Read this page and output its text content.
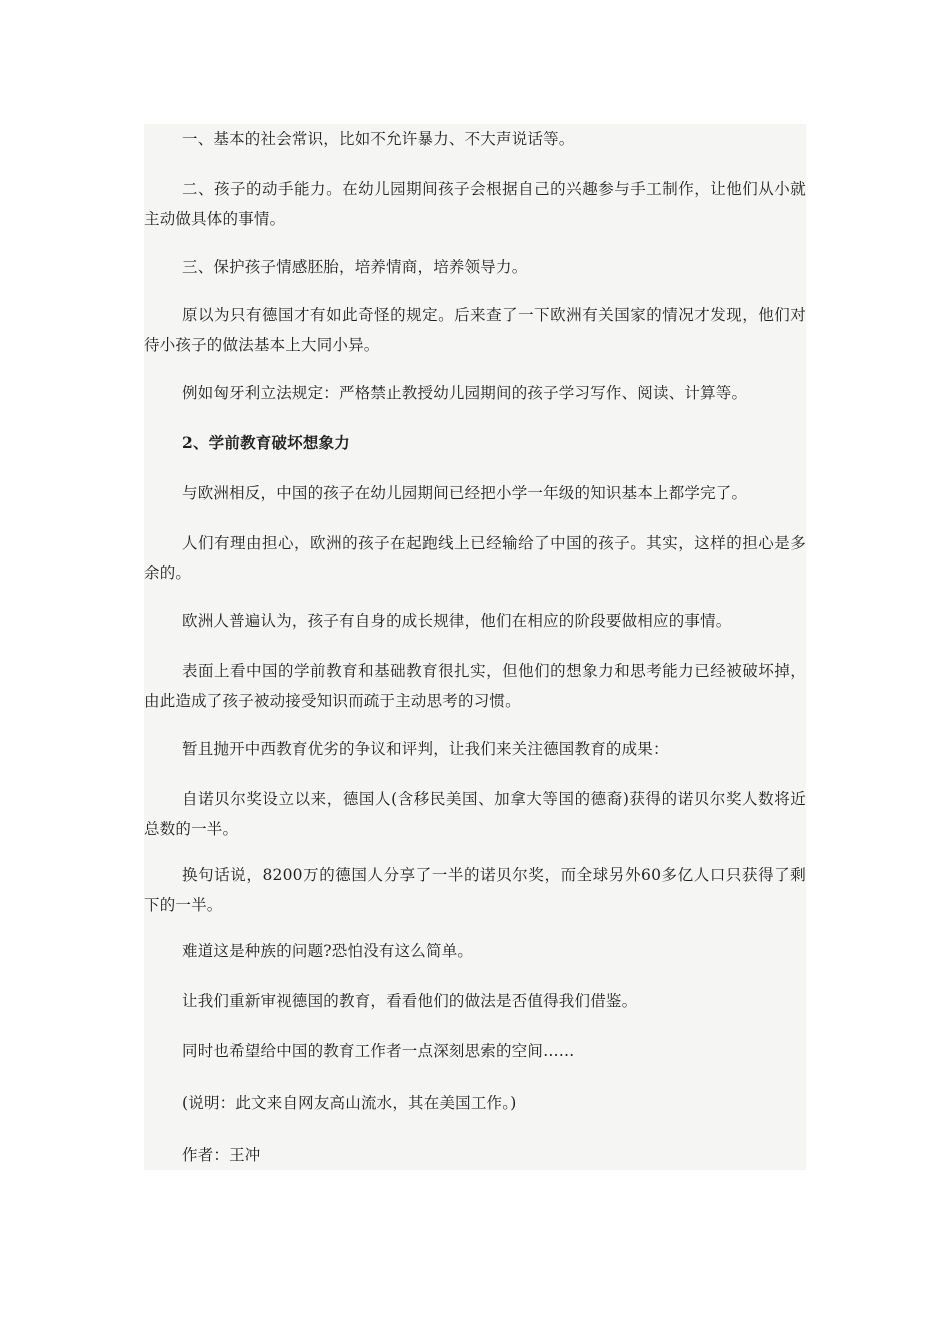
一、基本的社会常识，比如不允许暴力、不大声说话等。

二、孩子的动手能力。在幼儿园期间孩子会根据自己的兴趣参与手工制作，让他们从小就主动做具体的事情。

三、保护孩子情感胚胎，培养情商，培养领导力。

原以为只有德国才有如此奇怪的规定。后来查了一下欧洲有关国家的情况才发现，他们对待小孩子的做法基本上大同小异。

例如匈牙利立法规定：严格禁止教授幼儿园期间的孩子学习写作、阅读、计算等。

2、学前教育破坏想象力

与欧洲相反，中国的孩子在幼儿园期间已经把小学一年级的知识基本上都学完了。

人们有理由担心，欧洲的孩子在起跑线上已经输给了中国的孩子。其实，这样的担心是多余的。

欧洲人普遍认为，孩子有自身的成长规律，他们在相应的阶段要做相应的事情。

表面上看中国的学前教育和基础教育很扎实，但他们的想象力和思考能力已经被破坏掉，由此造成了孩子被动接受知识而疏于主动思考的习惯。

暂且抛开中西教育优劣的争议和评判，让我们来关注德国教育的成果：

自诺贝尔奖设立以来，德国人(含移民美国、加拿大等国的德裔)获得的诺贝尔奖人数将近总数的一半。

换句话说，8200万的德国人分享了一半的诺贝尔奖，而全球另外60多亿人口只获得了剩下的一半。

难道这是种族的问题?恐怕没有这么简单。

让我们重新审视德国的教育，看看他们的做法是否值得我们借鉴。

同时也希望给中国的教育工作者一点深刻思索的空间……

(说明：此文来自网友高山流水，其在美国工作。)

作者：王冲
